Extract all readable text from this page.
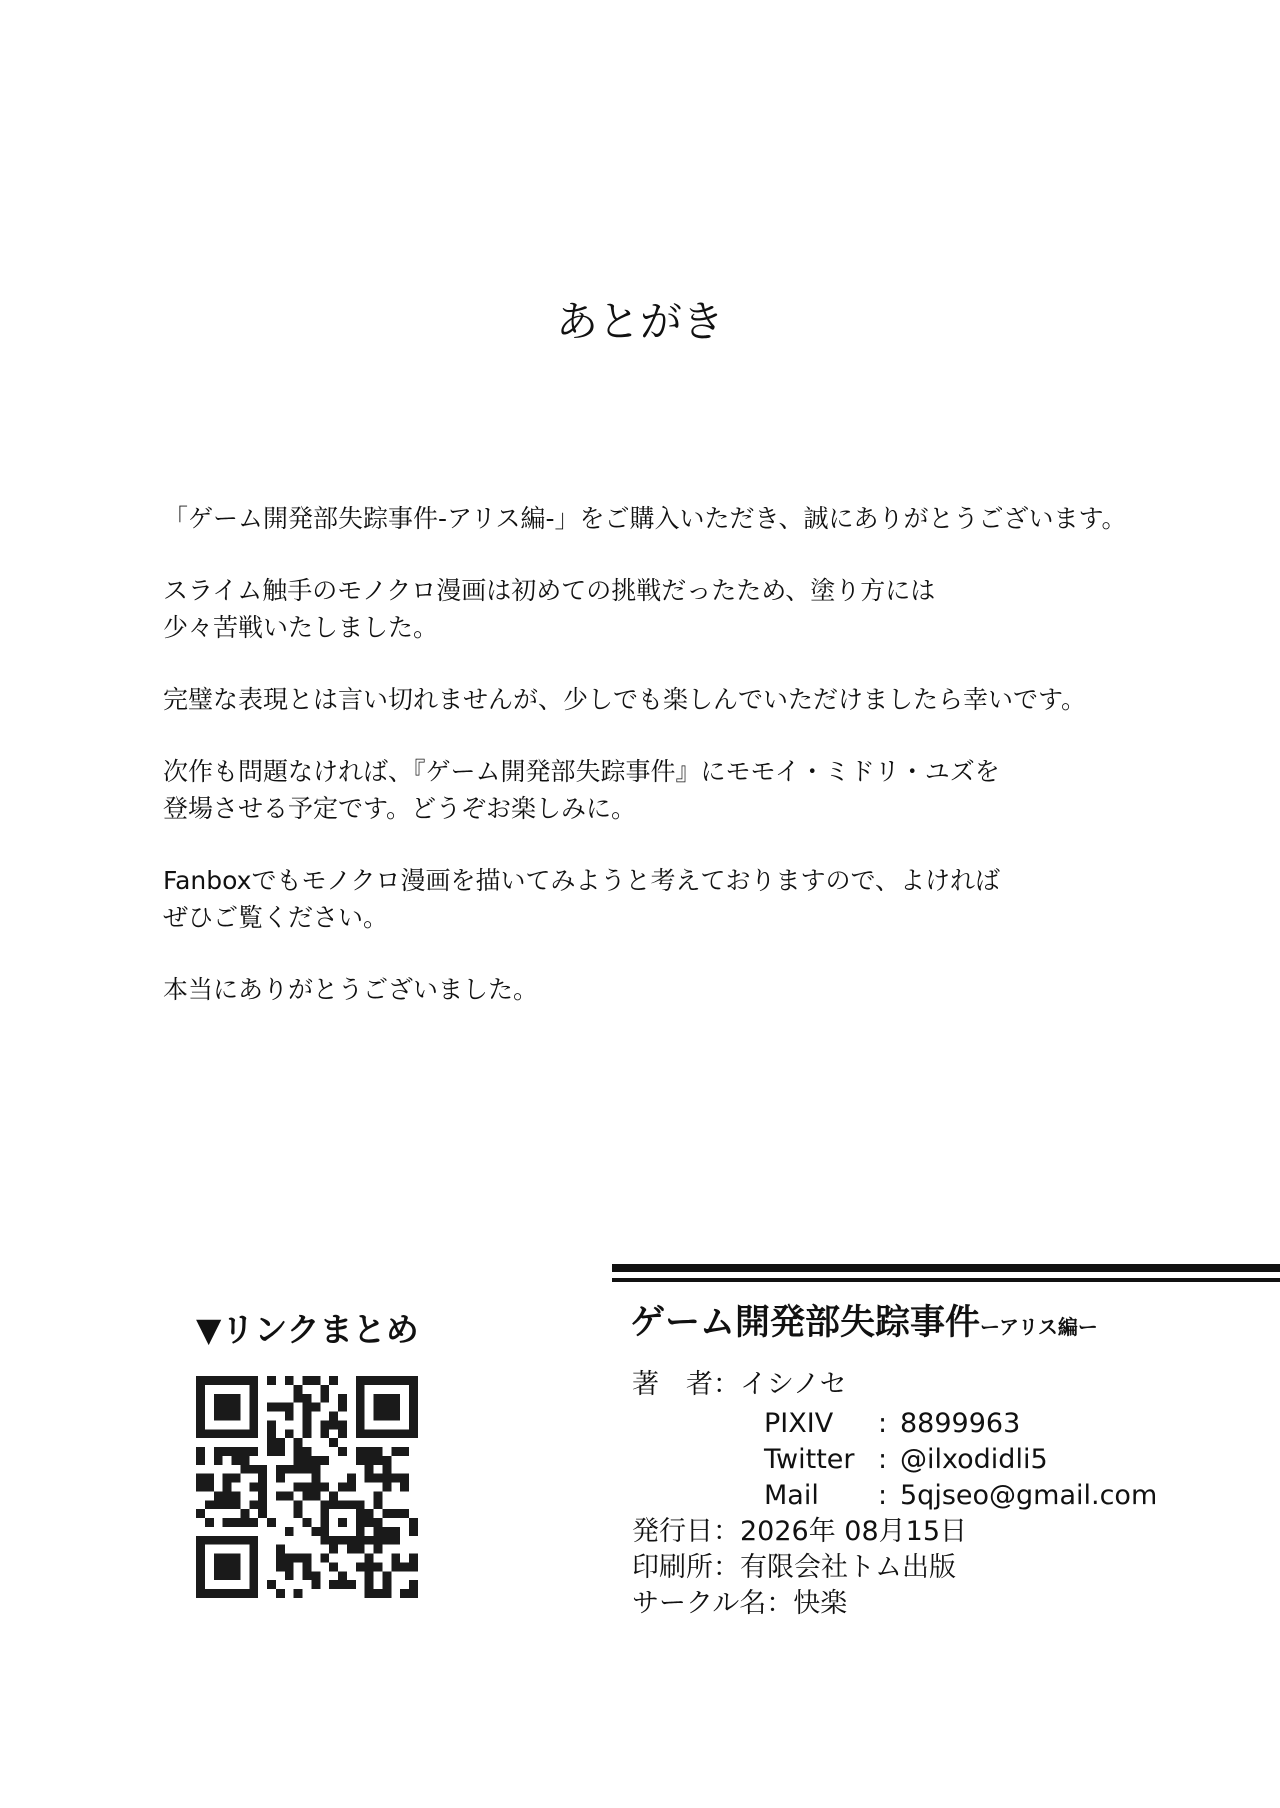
あとがき

「ゲーム開発部失踪事件-アリス編-」をご購入いただき、誠にありがとうございます。

スライム触手のモノクロ漫画は初めての挑戦だったため、塗り方には
少々苦戦いたしました。

完璧な表現とは言い切れませんが、少しでも楽しんでいただけましたら幸いです。

次作も問題なければ、『ゲーム開発部失踪事件』にモモイ・ミドリ・ユズを
登場させる予定です。どうぞお楽しみに。

Fanboxでもモノクロ漫画を描いてみようと考えておりますので、よければ
ぜひご覧ください。

本当にありがとうございました。

▼リンクまとめ	ゲーム開発部失踪事件ーアリス編ー
著　者：イシノセ
PIXIV : 8899963
Twitter : @ilxodidli5
Mail : 5qjseo@gmail.com
発行日：2026年 08月15日
印刷所：有限会社トム出版
サークル名：快楽
